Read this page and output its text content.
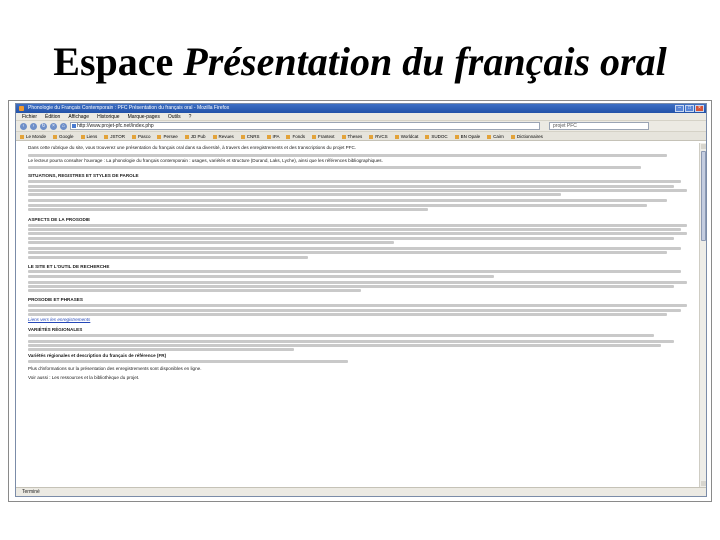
Espace Présentation du français oral
Phonologie du Français Contemporain : PFC Présentation du français oral - Mozilla Firefox	–	□	×
Fichier Édition Affichage Historique Marque-pages Outils ?
‹	›	↻	×	⌂	http://www.projet-pfc.net/index.php	projet PFC
Le Monde	Google	Liens	JSTOR	Pasco	Persee	JD Pub	Revues	CNRS	IPA	Fonds	Frantext	Theses	RVCS	Worldcat	SUDOC	BN Opale	Cairn	Dictionnaires

Dans cette rubrique du site, vous trouverez une présentation du français oral dans sa diversité, à travers des enregistrements et des transcriptions du projet PFC.

Le lecteur pourra consulter l'ouvrage : La phonologie du français contemporain : usages, variétés et structure (Durand, Laks, Lyche), ainsi que les références bibliographiques.

SITUATIONS, REGISTRES ET STYLES DE PAROLE
ASPECTS DE LA PROSODIE
LE SITE ET L'OUTIL DE RECHERCHE
PROSODIE ET PHRASES
Liens vers les enregistrements
VARIÉTÉS RÉGIONALES
Variétés régionales et description du français de référence (FR)

Plus d'informations sur la présentation des enregistrements sont disponibles en ligne.

Voir aussi : Les ressources et la bibliothèque du projet.

Terminé
